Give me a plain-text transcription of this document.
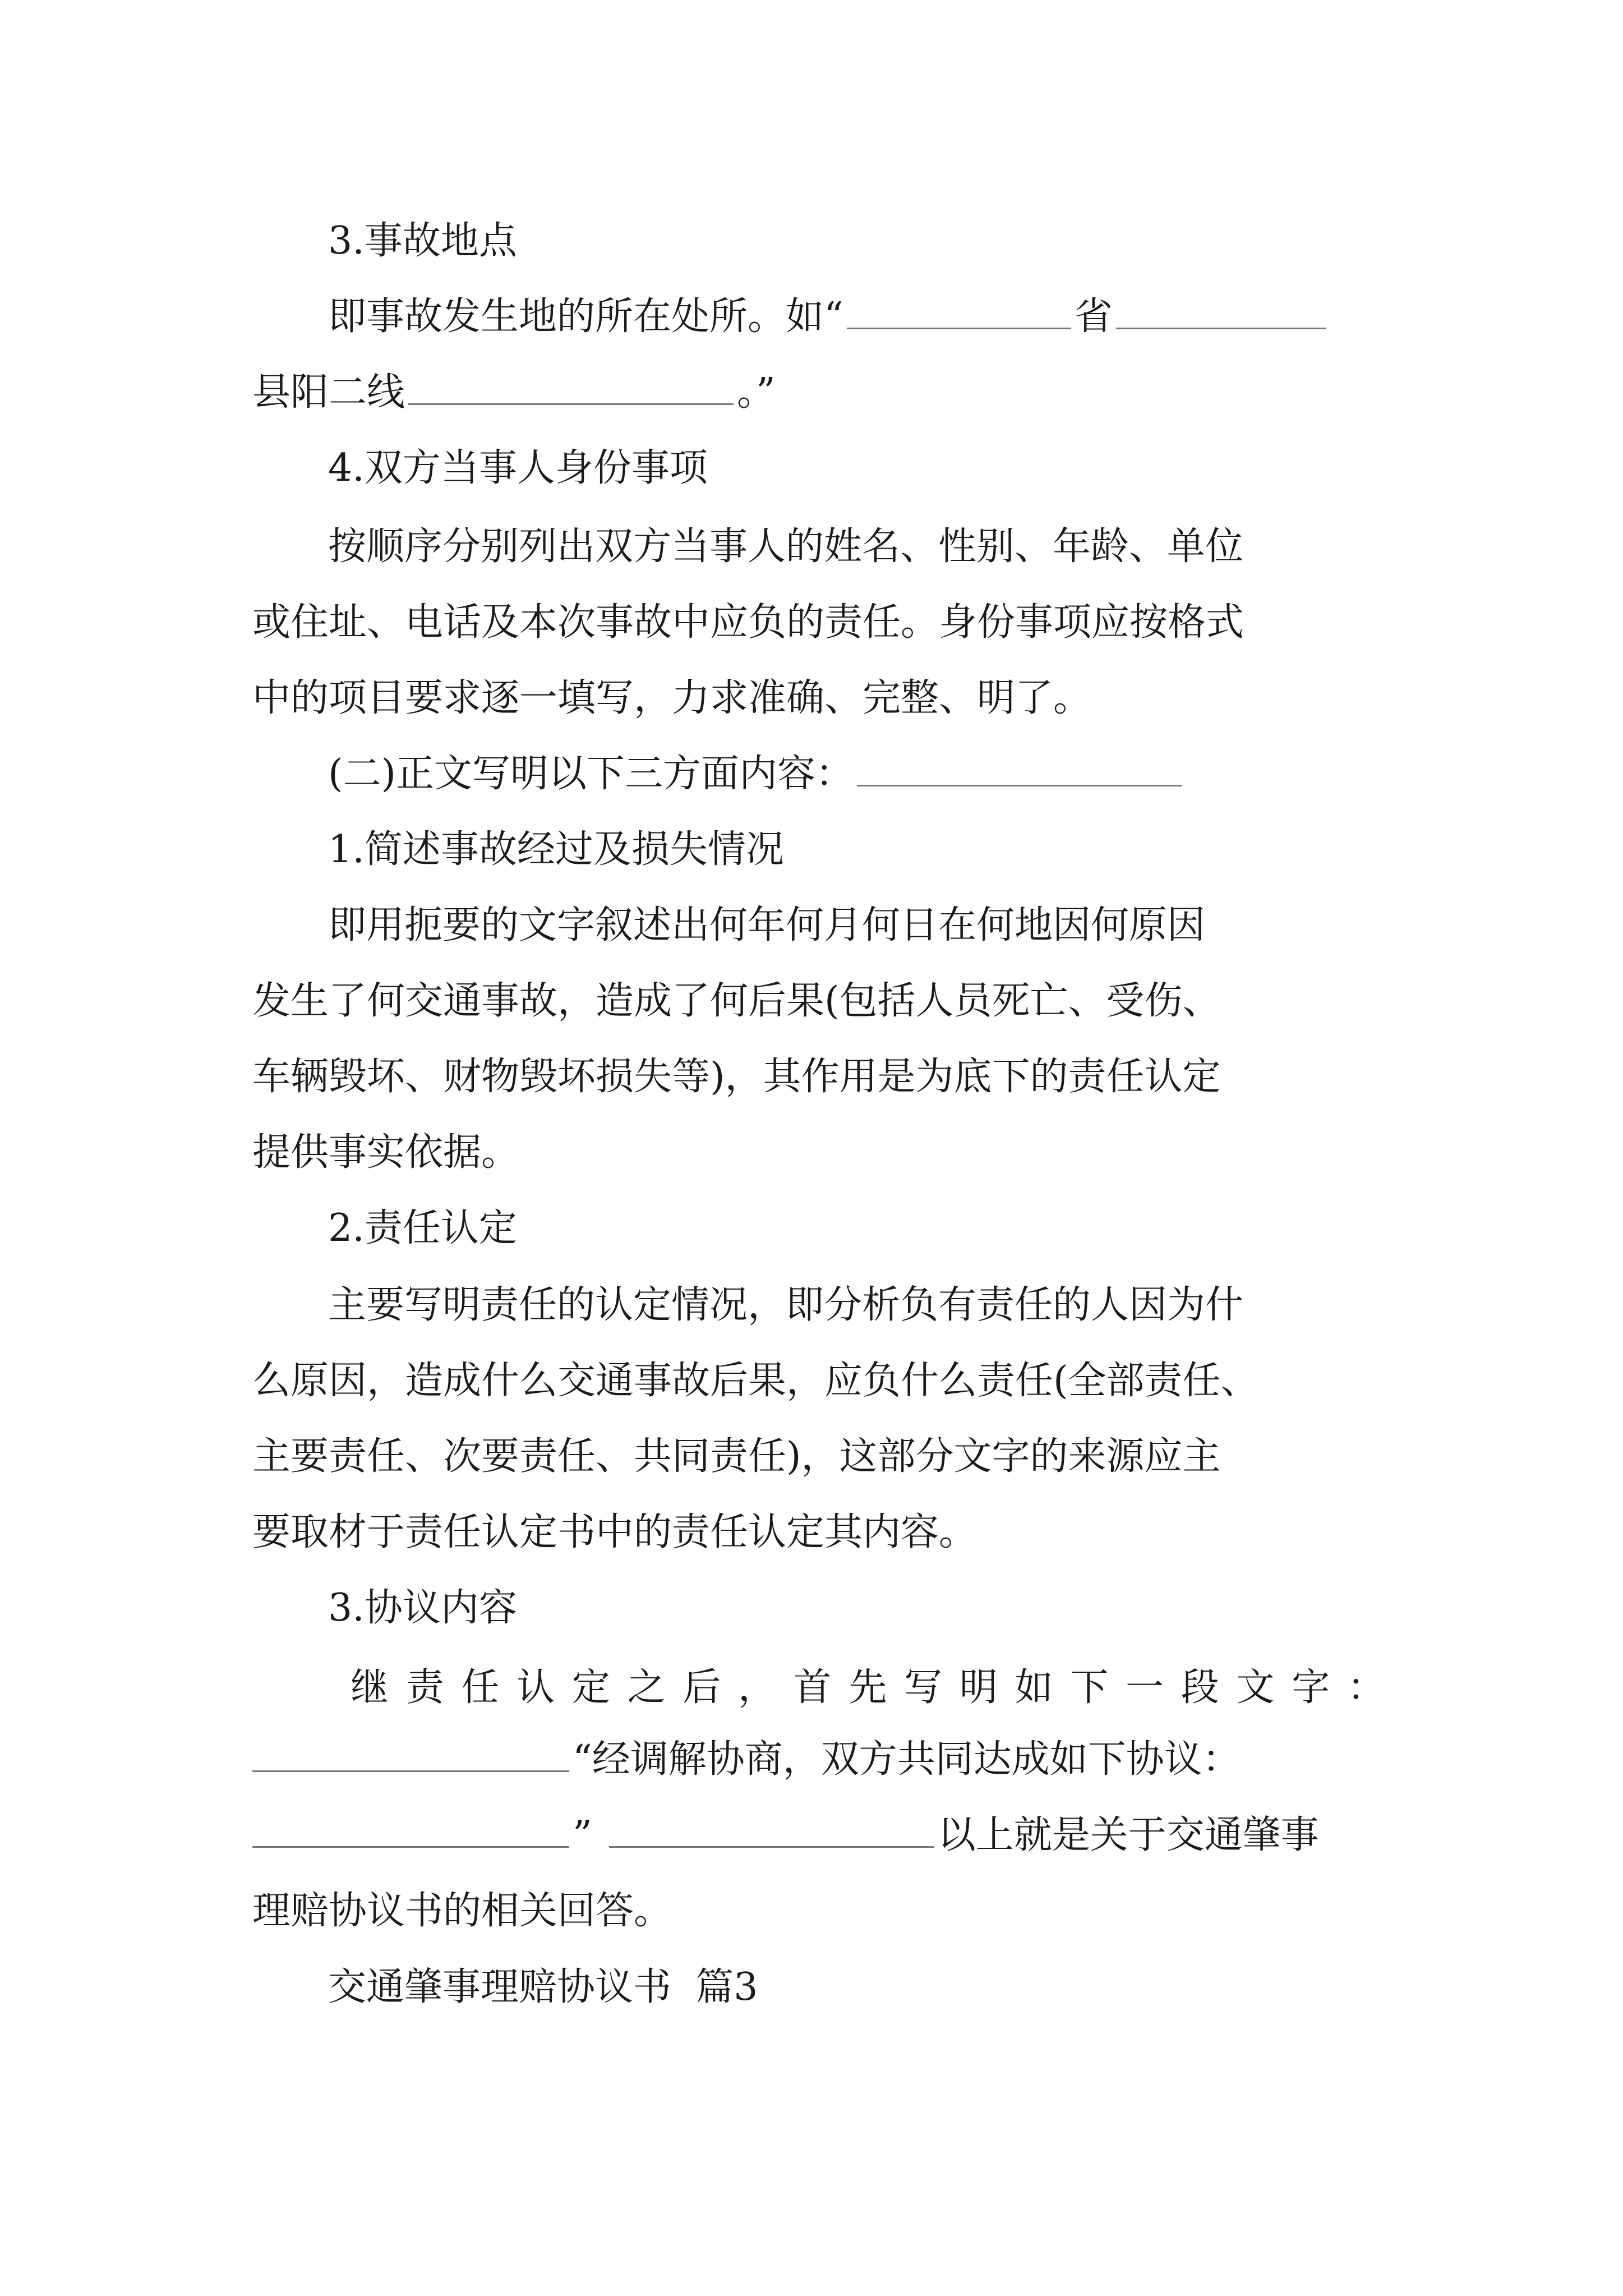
3.事故地点
即事故发生地的所在处所。如“	省
县阳二线	。”
4.双方当事人身份事项
按顺序分别列出双方当事人的姓名、性别、年龄、单位
或住址、电话及本次事故中应负的责任。身份事项应按格式
中的项目要求逐一填写，力求准确、完整、明了。
(二)正文写明以下三方面内容：
1.简述事故经过及损失情况
即用扼要的文字叙述出何年何月何日在何地因何原因
发生了何交通事故，造成了何后果(包括人员死亡、受伤、
车辆毁坏、财物毁坏损失等)，其作用是为底下的责任认定
提供事实依据。
2.责任认定
主要写明责任的认定情况，即分析负有责任的人因为什
么原因，造成什么交通事故后果，应负什么责任(全部责任、
主要责任、次要责任、共同责任)，这部分文字的来源应主
要取材于责任认定书中的责任认定其内容。
3.协议内容
继 责 任 认 定 之 后 ， 首 先 写 明 如 下 一 段 文 字 ：
“经调解协商，双方共同达成如下协议：
”	以上就是关于交通肇事
理赔协议书的相关回答。
交通肇事理赔协议书  篇3
